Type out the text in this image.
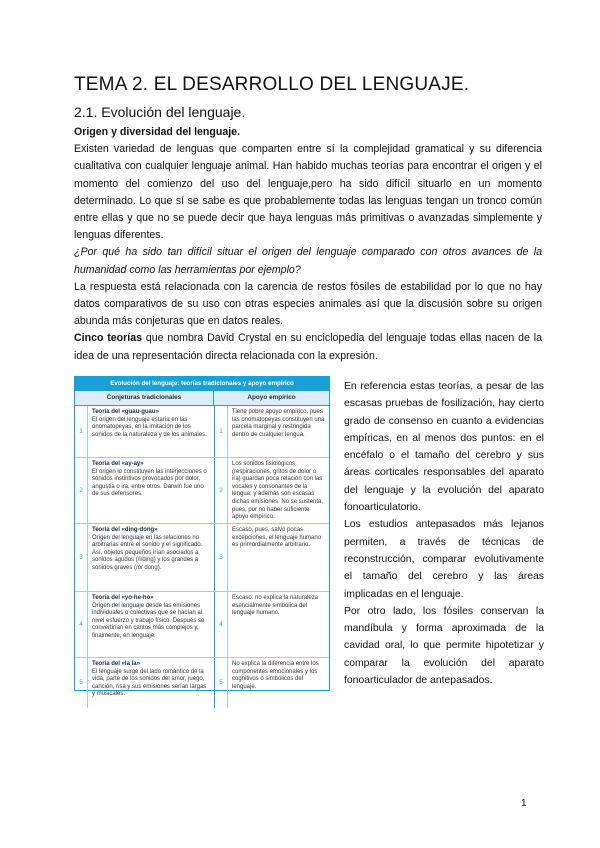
TEMA 2. EL DESARROLLO DEL LENGUAJE.
2.1. Evolución del lenguaje.

Origen y diversidad del lenguaje.

Existen variedad de lenguas que comparten entre sí la complejidad gramatical y su diferencia cualitativa con cualquier lenguaje animal. Han habido muchas teorías para encontrar el origen y el momento del comienzo del uso del lenguaje,pero ha sido difícil situarlo en un momento determinado. Lo que sí se sabe es que probablemente todas las lenguas tengan un tronco común entre ellas y que no se puede decir que haya lenguas más primitivas o avanzadas simplemente y lenguas diferentes.

¿Por qué ha sido tan difícil situar el origen del lenguaje comparado con otros avances de la humanidad como las herramientas por ejemplo?

La respuesta está relacionada con la carencia de restos fósiles de estabilidad por lo que no hay datos comparativos de su uso con otras especies animales así que la discusión sobre su origen abunda más conjeturas que en datos reales.

Cinco teorías que nombra David Crystal en su enciclopedia del lenguaje todas ellas nacen de la idea de una representación directa relacionada con la expresión.

Evolución del lenguaje: teorías tradicionales y apoyo empírico
Conjeturas tradicionales	Apoyo empírico
1
Teoría del «guau-guau»
El origen del lenguaje estaría en las onomatopeyas, en la imitación de los sonidos de la naturaleza y de los animales.
1
Tiene pobre apoyo empírico, pues las onomatopeyas constituyen una parcela marginal y restringida dentro de cualquier lengua.
2
Teoría del «ay-ay»
El origen lo constituyen las interjecciones o sonidos instintivos provocados por dolor, angustia o ira, entre otros. Darwin fue uno de sus defensores.
2
Los sonidos fisiológicos (respiraciones, gritos de dolor o ira) guardan poca relación con las vocales y consonantes de la lengua; y además son escasas dichas emisiones. No se sustenta, pues, por no haber suficiente apoyo empírico.
3
Teoría del «ding-dong»
Origen del lenguaje en las relaciones no arbitrarias entre el sonido y el significado. Así, objetos pequeños irían asociados a sonidos agudos (/i/ding) y los grandes a sonidos graves (/o/ dong).
3
Escaso, pues, salvo pocas excepciones, el lenguaje humano es primordialmente arbitrario.
4
Teoría del «yo-he-ho»
Origen del lenguaje desde las emisiones individuales o colectivas que se hacían al nivel esfuerzo y trabajo físico. Después se convertirían en cantos más complejos y, finalmente, en lenguaje.
4
Escaso: no explica la naturaleza esencialmente simbólica del lenguaje humano.
5
Teoría del «la la»
El lenguaje surge del lado romántico de la vida, parte de los sonidos del amor, juego, canción, risa y sus emisiones serían largas y musicales.
5
No explica la diferencia entre los componentes emocionales y los cognitivos o simbólicos del lenguaje.

En referencia estas teorías, a pesar de las escasas pruebas de fosilización, hay cierto grado de consenso en cuanto a evidencias empíricas, en al menos dos puntos: en el encéfalo o el tamaño del cerebro y sus áreas corticales responsables del aparato del lenguaje y la evolución del aparato fonoarticulatorio.

Los estudios antepasados más lejanos permiten, a través de técnicas de reconstrucción, comparar evolutivamente el tamaño del cerebro y las áreas implicadas en el lenguaje.

Por otro lado, los fósiles conservan la mandíbula y forma aproximada de la cavidad oral, lo que permite hipotetizar y comparar la evolución del aparato fonoarticulador de antepasados.

1
